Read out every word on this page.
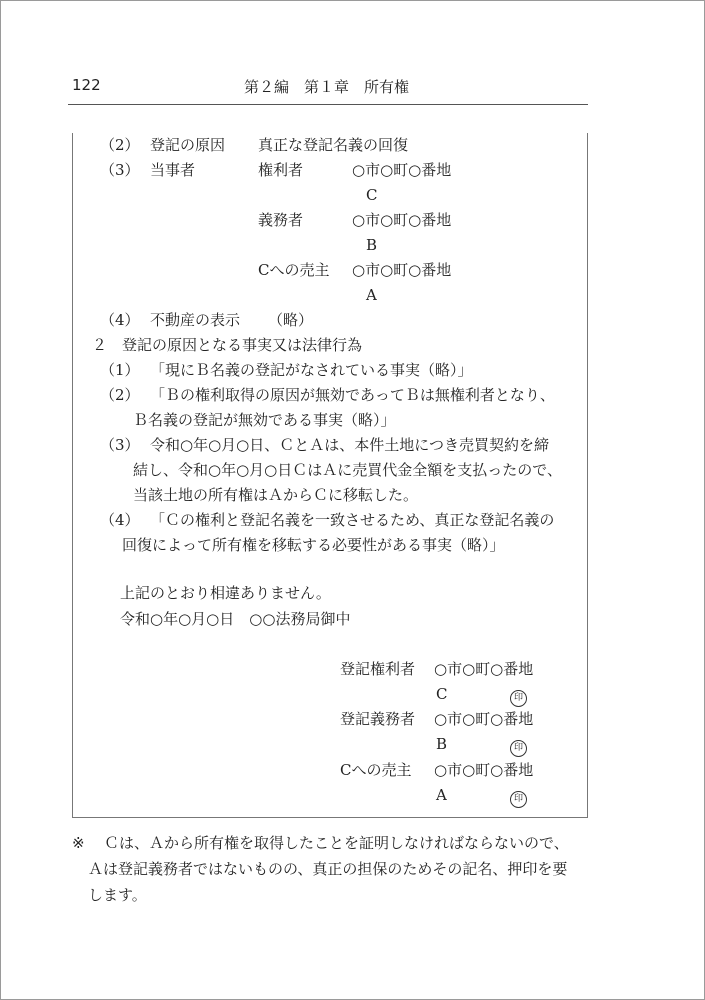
122	第２編　第１章　所有権
（2） 登記の原因 真正な登記名義の回復
（3） 当事者	権利者	○市○町○番地
C
義務者	○市○町○番地
B
Cへの売主 ○市○町○番地
A
（4） 不動産の表示 （略）
２　登記の原因となる事実又は法律行為
（1） 「現にＢ名義の登記がなされている事実（略）」
（2） 「Ｂの権利取得の原因が無効であってＢは無権利者となり、
Ｂ名義の登記が無効である事実（略）」
（3） 令和○年○月○日、ＣとＡは、本件土地につき売買契約を締
結し、令和○年○月○日ＣはＡに売買代金全額を支払ったので、
当該土地の所有権はＡからＣに移転した。
（4） 「Ｃの権利と登記名義を一致させるため、真正な登記名義の
回復によって所有権を移転する必要性がある事実（略）」
上記のとおり相違ありません。
令和○年○月○日　○○法務局御中
登記権利者 ○市○町○番地
C	印
登記義務者 ○市○町○番地
B	印
Cへの売主 ○市○町○番地
A	印
※ Ｃは、Ａから所有権を取得したことを証明しなければならないので、
Ａは登記義務者ではないものの、真正の担保のためその記名、押印を要
します。
